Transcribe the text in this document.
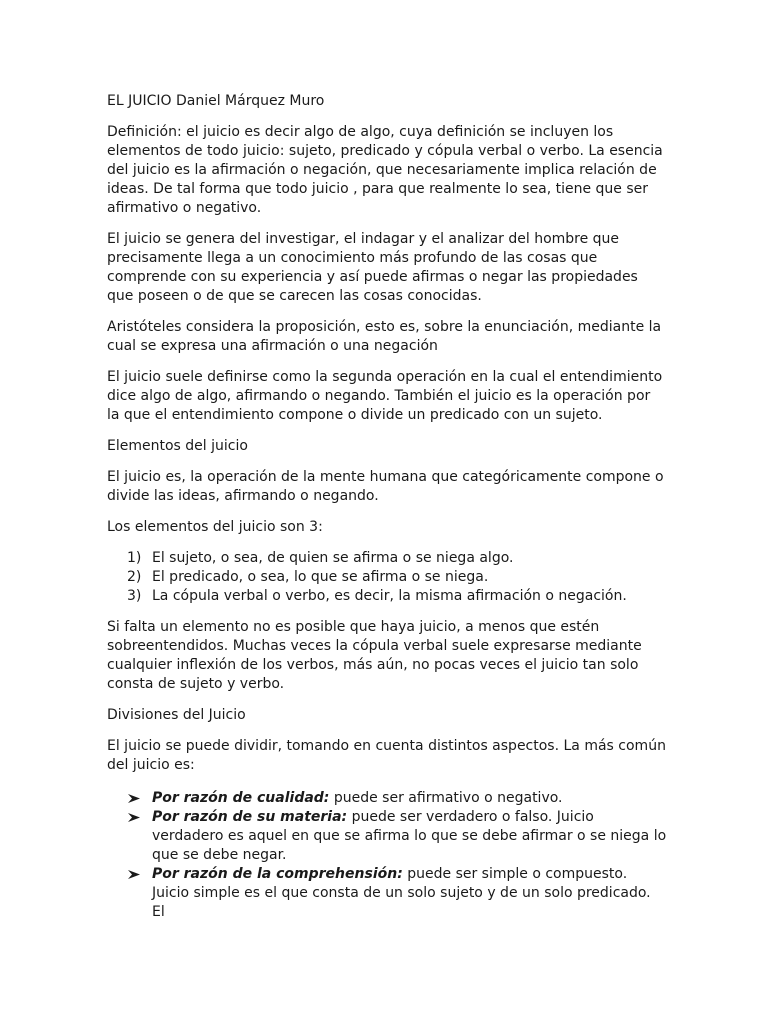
EL JUICIO Daniel Márquez Muro

Definición: el juicio es decir algo de algo, cuya definición se incluyen los elementos de todo juicio: sujeto, predicado y cópula verbal o verbo. La esencia del juicio es la afirmación o negación, que necesariamente implica relación de ideas. De tal forma que todo juicio , para que realmente lo sea, tiene que ser afirmativo o negativo.

El juicio se genera del investigar, el indagar y el analizar del hombre que precisamente llega a un conocimiento más profundo de las cosas que comprende con su experiencia y así puede afirmas o negar las propiedades que poseen o de que se carecen las cosas conocidas.

Aristóteles considera la proposición, esto es, sobre la enunciación, mediante la cual se expresa una afirmación o una negación

El juicio suele definirse como la segunda operación en la cual el entendimiento dice algo de algo, afirmando o negando. También el juicio es la operación por la que el entendimiento compone o divide un predicado con un sujeto.

Elementos del juicio

El juicio es, la operación de la mente humana que categóricamente compone o divide las ideas, afirmando o negando.

Los elementos del juicio son 3:

1) El sujeto, o sea, de quien se afirma o se niega algo.
2) El predicado, o sea, lo que se afirma o se niega.
3) La cópula verbal o verbo, es decir, la misma afirmación o negación.

Si falta un elemento no es posible que haya juicio, a menos que estén sobreentendidos. Muchas veces la cópula verbal suele expresarse mediante cualquier inflexión de los verbos, más aún, no pocas veces el juicio tan solo consta de sujeto y verbo.

Divisiones del Juicio

El juicio se puede dividir, tomando en cuenta distintos aspectos. La más común del juicio es:

Por razón de cualidad: puede ser afirmativo o negativo.
Por razón de su materia: puede ser verdadero o falso. Juicio verdadero es aquel en que se afirma lo que se debe afirmar o se niega lo que se debe negar.
Por razón de la comprehensión: puede ser simple o compuesto. Juicio simple es el que consta de un solo sujeto y de un solo predicado. El
